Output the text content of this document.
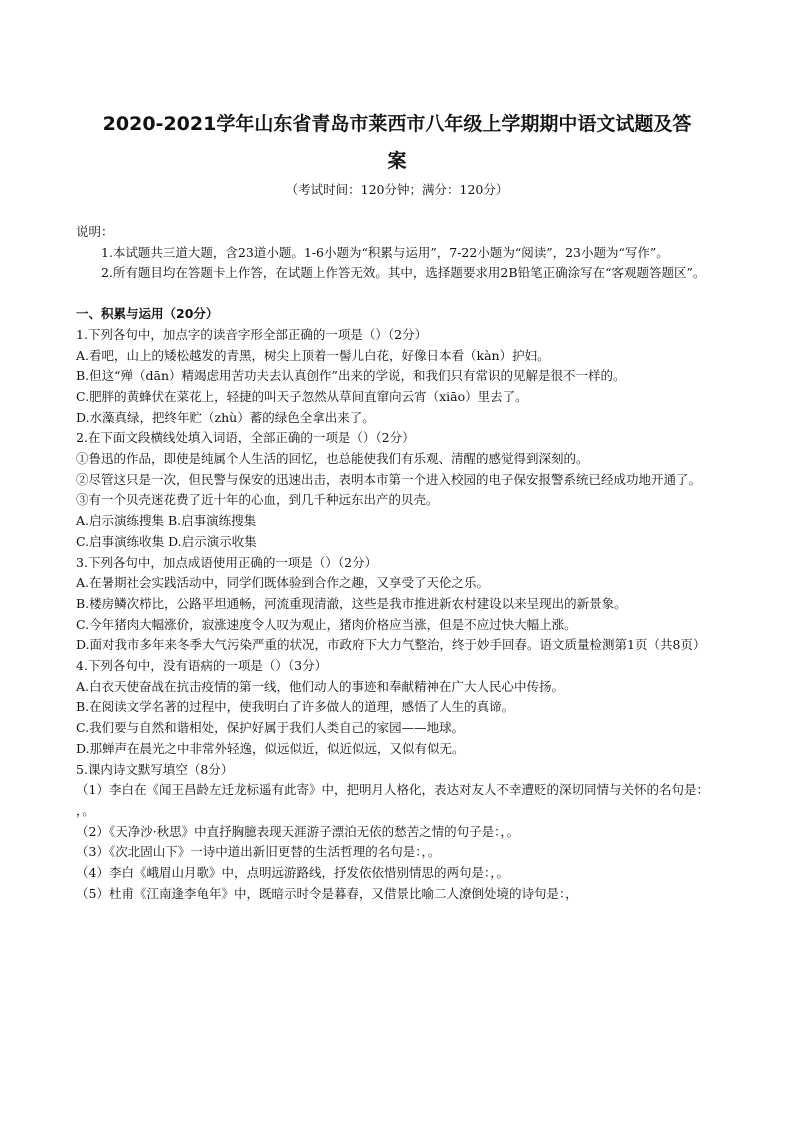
2020-2021学年山东省青岛市莱西市八年级上学期期中语文试题及答
案
（考试时间：120分钟；满分：120分）

说明：

1.本试题共三道大题，含23道小题。1-6小题为“积累与运用”，7-22小题为“阅读”，23小题为“写作”。

2.所有题目均在答题卡上作答，在试题上作答无效。其中，选择题要求用2B铅笔正确涂写在“客观题答题区”。

一、积累与运用（20分）

1.下列各句中，加点字的读音字形全部正确的一项是（）（2分）

A.看吧，山上的矮松越发的青黑，树尖上顶着一髻儿白花，好像日本看（kàn）护妇。

B.但这“殚（dān）精竭虑用苦功夫去认真创作”出来的学说，和我们只有常识的见解是很不一样的。

C.肥胖的黄蜂伏在菜花上，轻捷的叫天子忽然从草间直窜向云宵（xiāo）里去了。

D.水藻真绿，把终年贮（zhù）蓄的绿色全拿出来了。

2.在下面文段横线处填入词语，全部正确的一项是（）（2分）

①鲁迅的作品，即使是纯属个人生活的回忆，也总能使我们有乐观、清醒的感觉得到深刻的。

②尽管这只是一次，但民警与保安的迅速出击，表明本市第一个进入校园的电子保安报警系统已经成功地开通了。

③有一个贝壳迷花费了近十年的心血，到几千种远东出产的贝壳。

A.启示演练搜集 B.启事演练搜集

C.启事演练收集 D.启示演示收集

3.下列各句中，加点成语使用正确的一项是（）（2分）

A.在暑期社会实践活动中，同学们既体验到合作之趣，又享受了天伦之乐。

B.楼房鳞次栉比，公路平坦通畅，河流重现清澈，这些是我市推进新农村建设以来呈现出的新景象。

C.今年猪肉大幅涨价，寂涨速度令人叹为观止，猪肉价格应当涨，但是不应过快大幅上涨。

D.面对我市多年来冬季大气污染严重的状况，市政府下大力气整治，终于妙手回春。语文质量检测第1页（共8页）

4.下列各句中，没有语病的一项是（）（3分）

A.白衣天使奋战在抗击疫情的第一线，他们动人的事迹和奉献精神在广大人民心中传扬。

B.在阅读文学名著的过程中，使我明白了许多做人的道理，感悟了人生的真谛。

C.我们要与自然和谐相处，保护好属于我们人类自己的家园——地球。

D.那蝉声在晨光之中非常外轻逸，似远似近，似近似远，又似有似无。

5.课内诗文默写填空（8分）

（1）李白在《闻王昌龄左迁龙标遥有此寄》中，把明月人格化，表达对友人不幸遭贬的深切同情与关怀的名句是：

，。

（2）《天净沙·秋思》中直抒胸臆表现天涯游子漂泊无依的愁苦之情的句子是：，。

（3）《次北固山下》一诗中道出新旧更替的生活哲理的名句是：，。

（4）李白《峨眉山月歌》中，点明远游路线，抒发依依惜别情思的两句是：，。

（5）杜甫《江南逢李龟年》中，既暗示时令是暮春，又借景比喻二人潦倒处境的诗句是：，
